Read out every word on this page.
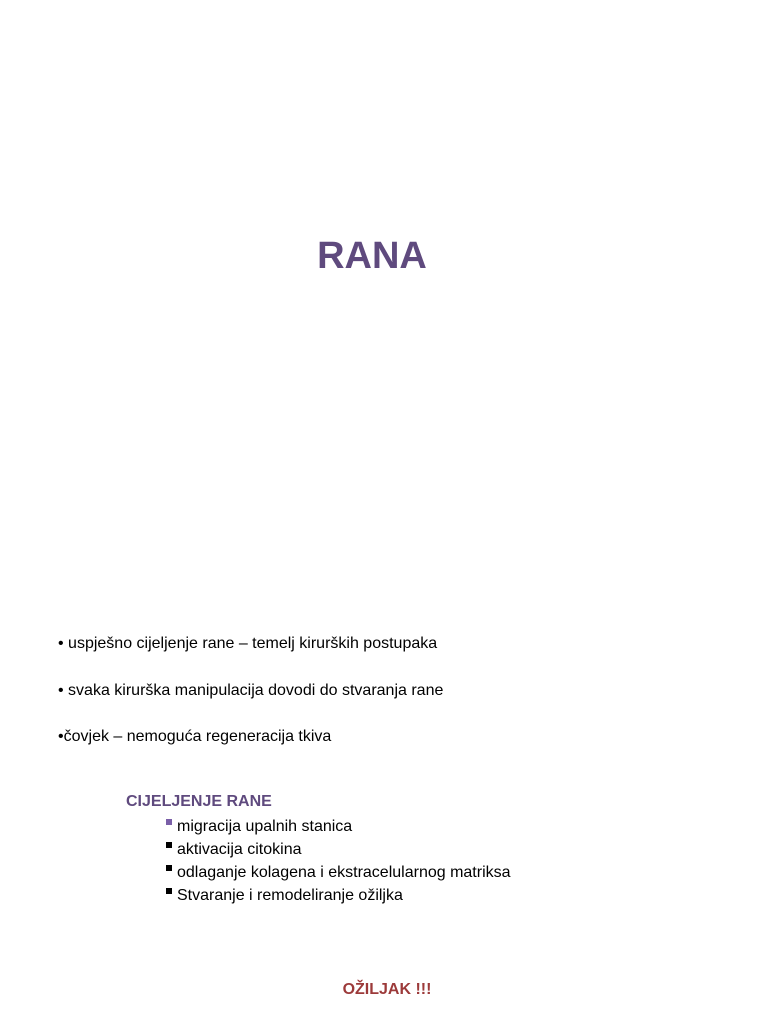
RANA
• uspješno cijeljenje rane – temelj kirurških postupaka
• svaka kirurška manipulacija dovodi do stvaranja rane
•čovjek – nemoguća regeneracija tkiva
CIJELJENJE RANE
migracija upalnih stanica
aktivacija citokina
odlaganje kolagena i ekstracelularnog matriksa
Stvaranje i remodeliranje ožiljka
OŽILJAK !!!
